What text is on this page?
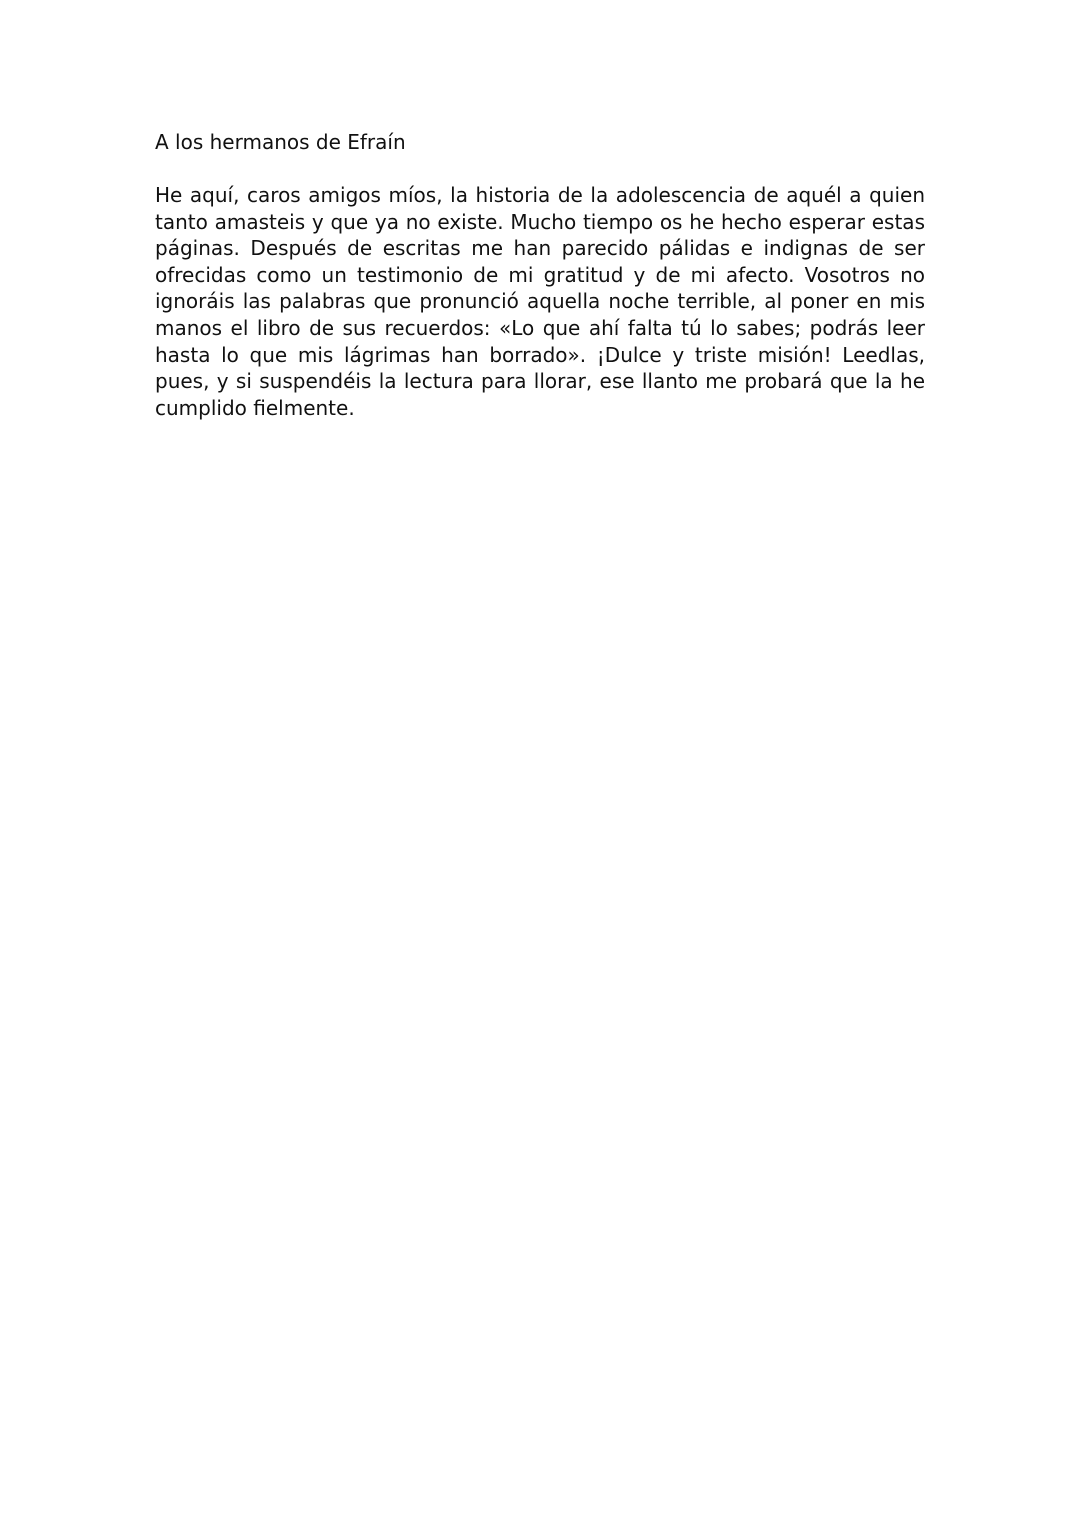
A los hermanos de Efraín

He aquí, caros amigos míos, la historia de la adolescencia de aquél a quien tanto amasteis y que ya no existe. Mucho tiempo os he hecho esperar estas páginas. Después de escritas me han parecido pálidas e indignas de ser ofrecidas como un testimonio de mi gratitud y de mi afecto. Vosotros no ignoráis las palabras que pronunció aquella noche terrible, al poner en mis manos el libro de sus recuerdos: «Lo que ahí falta tú lo sabes; podrás leer hasta lo que mis lágrimas han borrado». ¡Dulce y triste misión! Leedlas, pues, y si suspendéis la lectura para llorar, ese llanto me probará que la he cumplido fielmente.
